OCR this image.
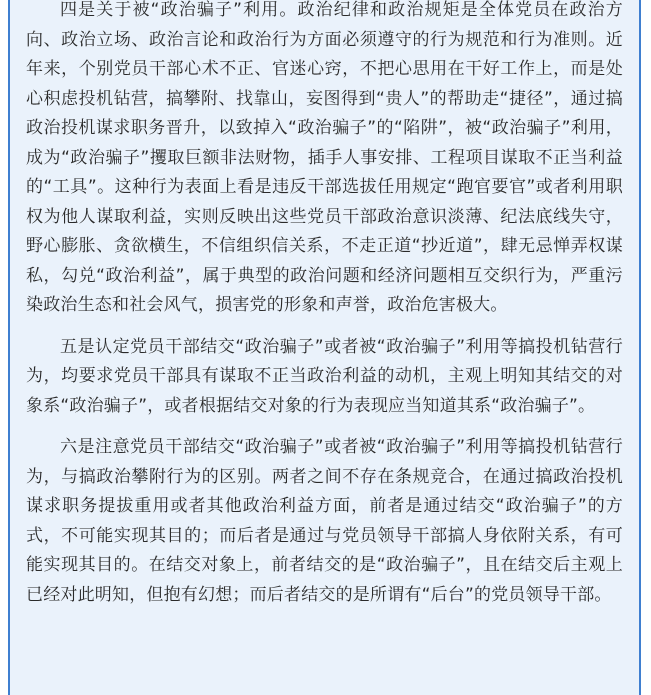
四是关于被“政治骗子”利用。政治纪律和政治规矩是全体党员在政治方向、政治立场、政治言论和政治行为方面必须遵守的行为规范和行为准则。近年来，个别党员干部心术不正、官迷心窍，不把心思用在干好工作上，而是处心积虑投机钻营，搞攀附、找靠山，妄图得到“贵人”的帮助走“捷径”，通过搞政治投机谋求职务晋升，以致掉入“政治骗子”的“陷阱”，被“政治骗子”利用，成为“政治骗子”攫取巨额非法财物，插手人事安排、工程项目谋取不正当利益的“工具”。这种行为表面上看是违反干部选拔任用规定“跑官要官”或者利用职权为他人谋取利益，实则反映出这些党员干部政治意识淡薄、纪法底线失守，野心膨胀、贪欲横生，不信组织信关系，不走正道“抄近道”，肆无忌惮弄权谋私，勾兑“政治利益”，属于典型的政治问题和经济问题相互交织行为，严重污染政治生态和社会风气，损害党的形象和声誉，政治危害极大。

五是认定党员干部结交“政治骗子”或者被“政治骗子”利用等搞投机钻营行为，均要求党员干部具有谋取不正当政治利益的动机，主观上明知其结交的对象系“政治骗子”，或者根据结交对象的行为表现应当知道其系“政治骗子”。

六是注意党员干部结交“政治骗子”或者被“政治骗子”利用等搞投机钻营行为，与搞政治攀附行为的区别。两者之间不存在条规竞合，在通过搞政治投机谋求职务提拔重用或者其他政治利益方面，前者是通过结交“政治骗子”的方式，不可能实现其目的；而后者是通过与党员领导干部搞人身依附关系，有可能实现其目的。在结交对象上，前者结交的是“政治骗子”，且在结交后主观上已经对此明知，但抱有幻想；而后者结交的是所谓有“后台”的党员领导干部。
